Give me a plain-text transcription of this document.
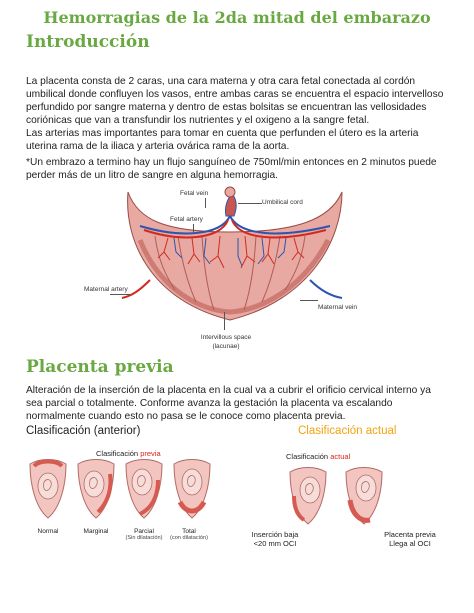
Hemorragias de la 2da mitad del embarazo
Introducción

La placenta consta de 2 caras, una cara materna y otra cara fetal conectada al cordón umbilical donde confluyen los vasos, entre ambas caras se encuentra el espacio intervelloso perfundido por sangre materna y dentro de estas bolsitas se encuentran las vellosidades coriónicas que van a transfundir los nutrientes y el oxigeno a la sangre fetal.

Las arterias mas importantes para tomar en cuenta que perfunden el útero es la arteria uterina rama de la iliaca y arteria ovárica rama de la aorta.

*Un embrazo a termino hay un flujo sanguíneo de 750ml/min entonces en 2 minutos puede perder más de un litro de sangre en alguna hemorragia.

Fetal vein
Umbilical cord
Fetal artery
Maternal artery
Maternal vein
Intervillous space
(lacunae)
Placenta previa

Alteración de la inserción de la placenta en la cual va a cubrir el orificio cervical interno ya sea parcial o totalmente. Conforme avanza la gestación la placenta va escalando normalmente cuando esto no pasa se le conoce como placenta previa.

Clasificación (anterior)	Clasificación actual
Clasificación previa
Normal	Marginal	Parcial
(Sin dilatación)
Total
(con dilatación)
Clasificación actual
Inserción baja
<20 mm OCI
Placenta previa
Llega al OCI
